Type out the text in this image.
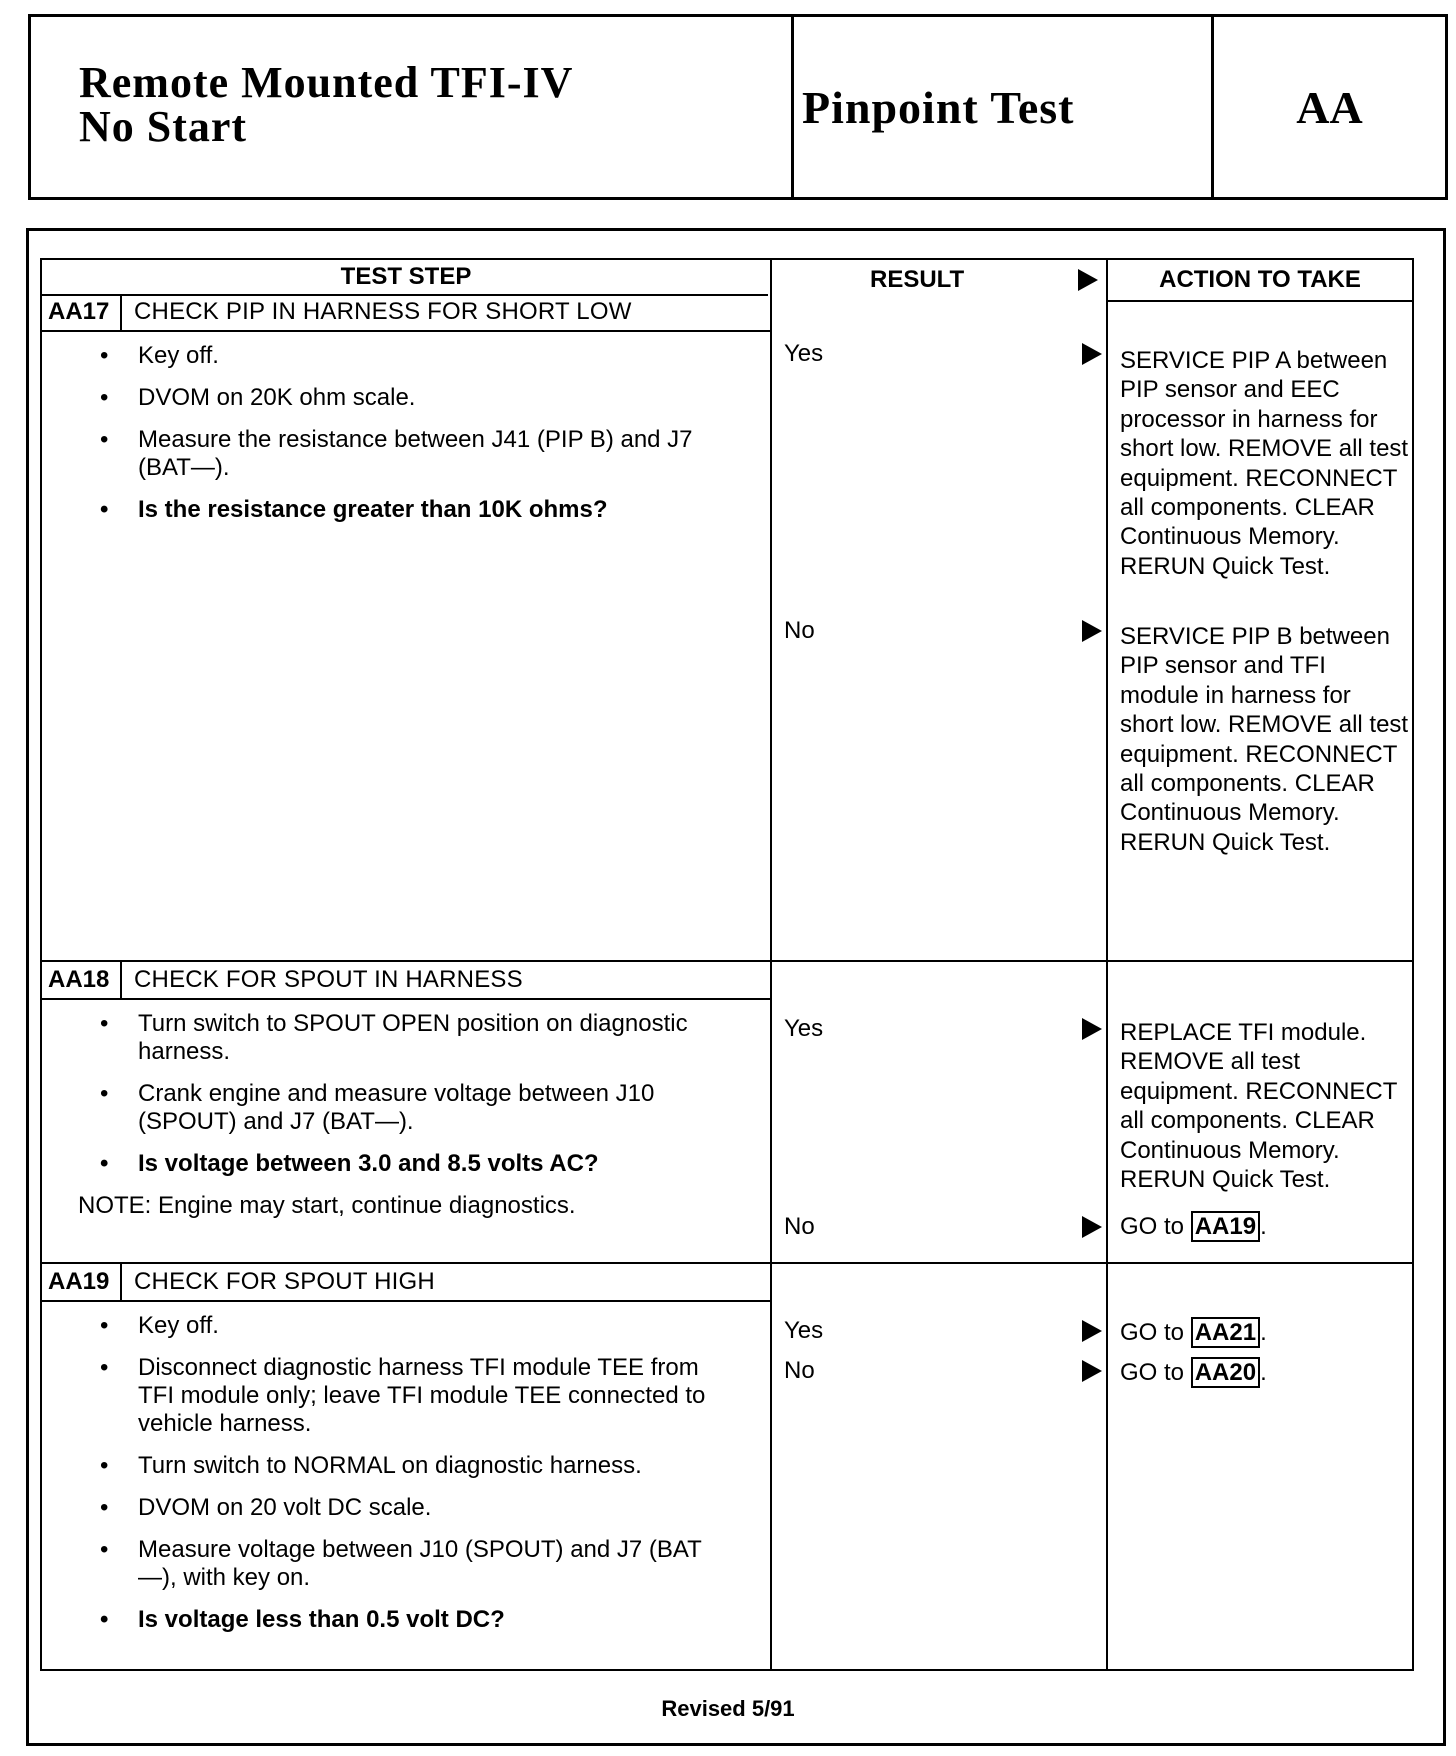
Remote Mounted TFI-IV
No Start	Pinpoint Test	AA
TEST STEP	RESULT	ACTION TO TAKE
AA17	CHECK PIP IN HARNESS FOR SHORT LOW
• Key off.
• DVOM on 20K ohm scale.
• Measure the resistance between J41 (PIP B) and J7 (BAT—).
• Is the resistance greater than 10K ohms?
Yes	SERVICE PIP A between PIP sensor and EEC processor in harness for short low. REMOVE all test equipment. RECONNECT all components. CLEAR Continuous Memory. RERUN Quick Test.
No	SERVICE PIP B between PIP sensor and TFI module in harness for short low. REMOVE all test equipment. RECONNECT all components. CLEAR Continuous Memory. RERUN Quick Test.
AA18	CHECK FOR SPOUT IN HARNESS
• Turn switch to SPOUT OPEN position on diagnostic harness.
• Crank engine and measure voltage between J10 (SPOUT) and J7 (BAT—).
• Is voltage between 3.0 and 8.5 volts AC?
NOTE: Engine may start, continue diagnostics.
Yes	REPLACE TFI module. REMOVE all test equipment. RECONNECT all components. CLEAR Continuous Memory. RERUN Quick Test.
No	GO to AA19 .
AA19	CHECK FOR SPOUT HIGH
• Key off.
• Disconnect diagnostic harness TFI module TEE from TFI module only; leave TFI module TEE connected to vehicle harness.
• Turn switch to NORMAL on diagnostic harness.
• DVOM on 20 volt DC scale.
• Measure voltage between J10 (SPOUT) and J7 (BAT—), with key on.
• Is voltage less than 0.5 volt DC?
Yes	GO to AA21 .
No	GO to AA20 .
Revised 5/91
